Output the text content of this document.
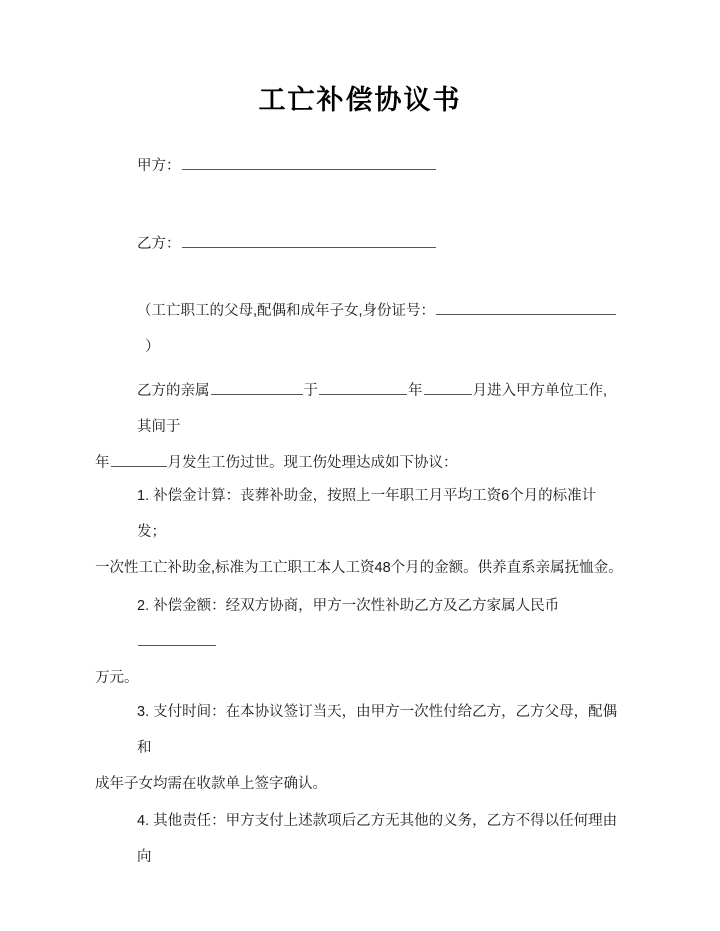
工亡补偿协议书

甲方：

乙方：

（工亡职工的父母,配偶和成年子女,身份证号：  ）

乙方的亲属	于	年	月进入甲方单位工作,其间于

年	月发生工伤过世。现工伤处理达成如下协议：

1. 补偿金计算：丧葬补助金，按照上一年职工月平均工资6个月的标准计发；

一次性工亡补助金,标准为工亡职工本人工资48个月的金额。供养直系亲属抚恤金。

2. 补偿金额：经双方协商，甲方一次性补助乙方及乙方家属人民币

万元。

3. 支付时间：在本协议签订当天，由甲方一次性付给乙方，乙方父母，配偶和

成年子女均需在收款单上签字确认。

4. 其他责任：甲方支付上述款项后乙方无其他的义务，乙方不得以任何理由向
